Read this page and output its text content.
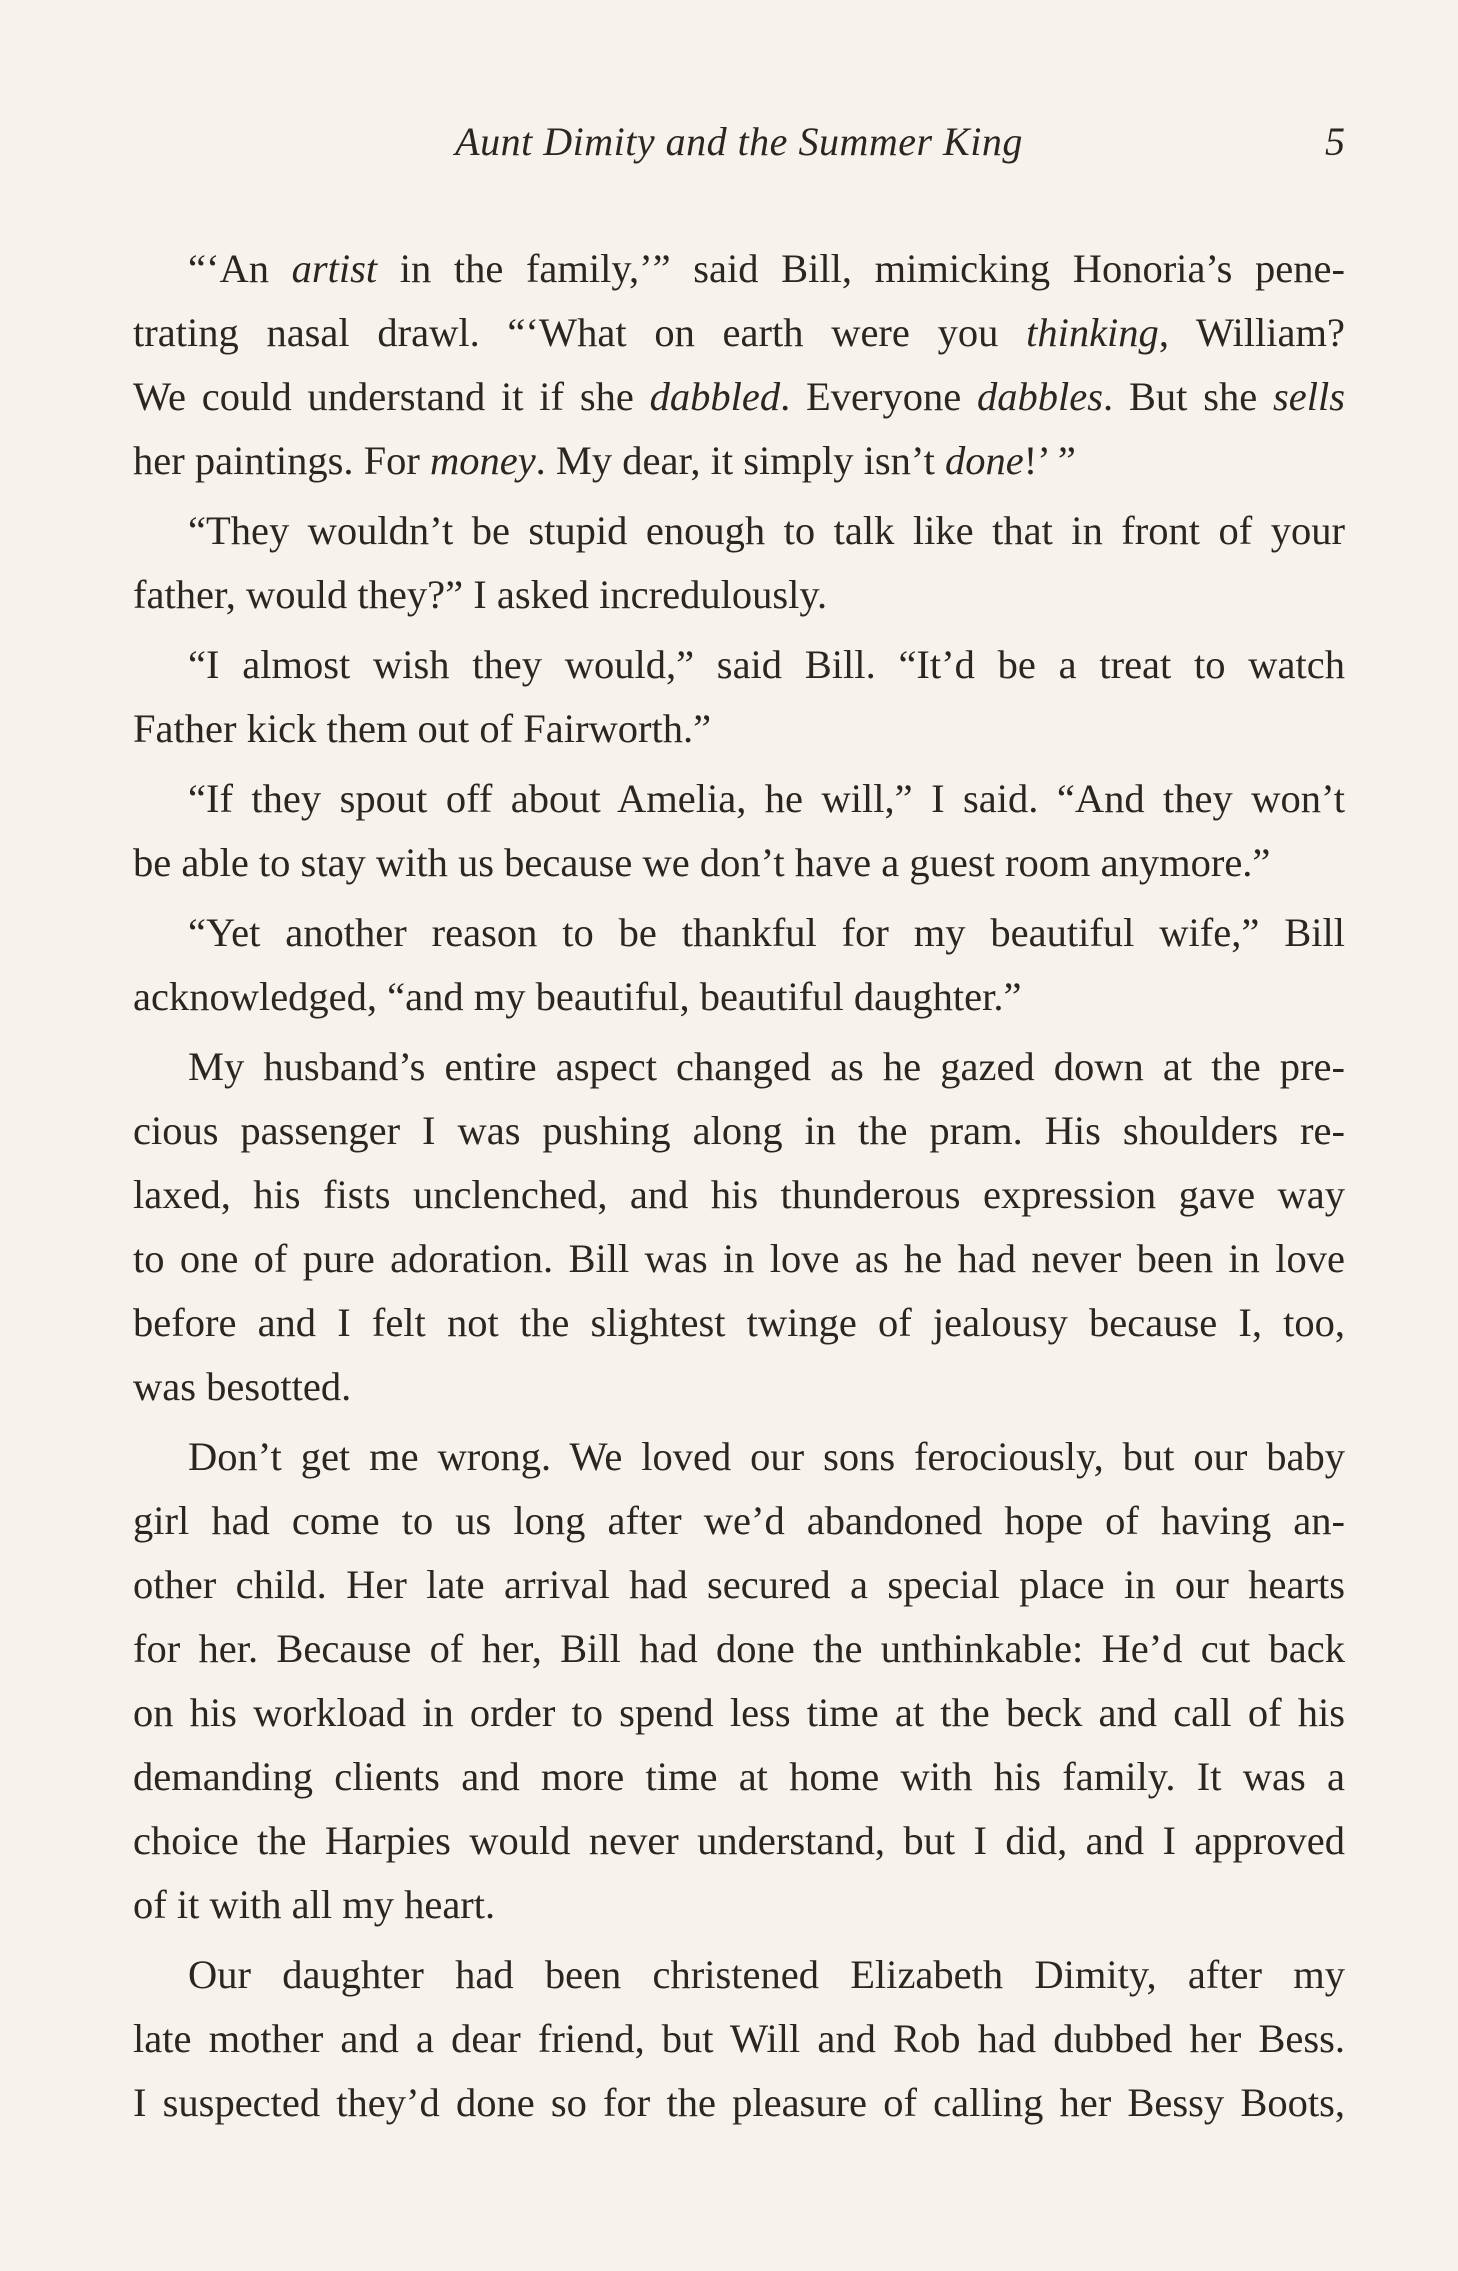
Aunt Dimity and the Summer King	5
“‘An artist in the family,’” said Bill, mimicking Honoria’s pene-
trating nasal drawl. “‘What on earth were you thinking, William?
We could understand it if she dabbled. Everyone dabbles. But she sells
her paintings. For money. My dear, it simply isn’t done!’ ”
“They wouldn’t be stupid enough to talk like that in front of your
father, would they?” I asked incredulously.
“I almost wish they would,” said Bill. “It’d be a treat to watch
Father kick them out of Fairworth.”
“If they spout off about Amelia, he will,” I said. “And they won’t
be able to stay with us because we don’t have a guest room anymore.”
“Yet another reason to be thankful for my beautiful wife,” Bill
acknowledged, “and my beautiful, beautiful daughter.”
My husband’s entire aspect changed as he gazed down at the pre-
cious passenger I was pushing along in the pram. His shoulders re-
laxed, his fists unclenched, and his thunderous expression gave way
to one of pure adoration. Bill was in love as he had never been in love
before and I felt not the slightest twinge of jealousy because I, too,
was besotted.
Don’t get me wrong. We loved our sons ferociously, but our baby
girl had come to us long after we’d abandoned hope of having an-
other child. Her late arrival had secured a special place in our hearts
for her. Because of her, Bill had done the unthinkable: He’d cut back
on his workload in order to spend less time at the beck and call of his
demanding clients and more time at home with his family. It was a
choice the Harpies would never understand, but I did, and I approved
of it with all my heart.
Our daughter had been christened Elizabeth Dimity, after my
late mother and a dear friend, but Will and Rob had dubbed her Bess.
I suspected they’d done so for the pleasure of calling her Bessy Boots,
